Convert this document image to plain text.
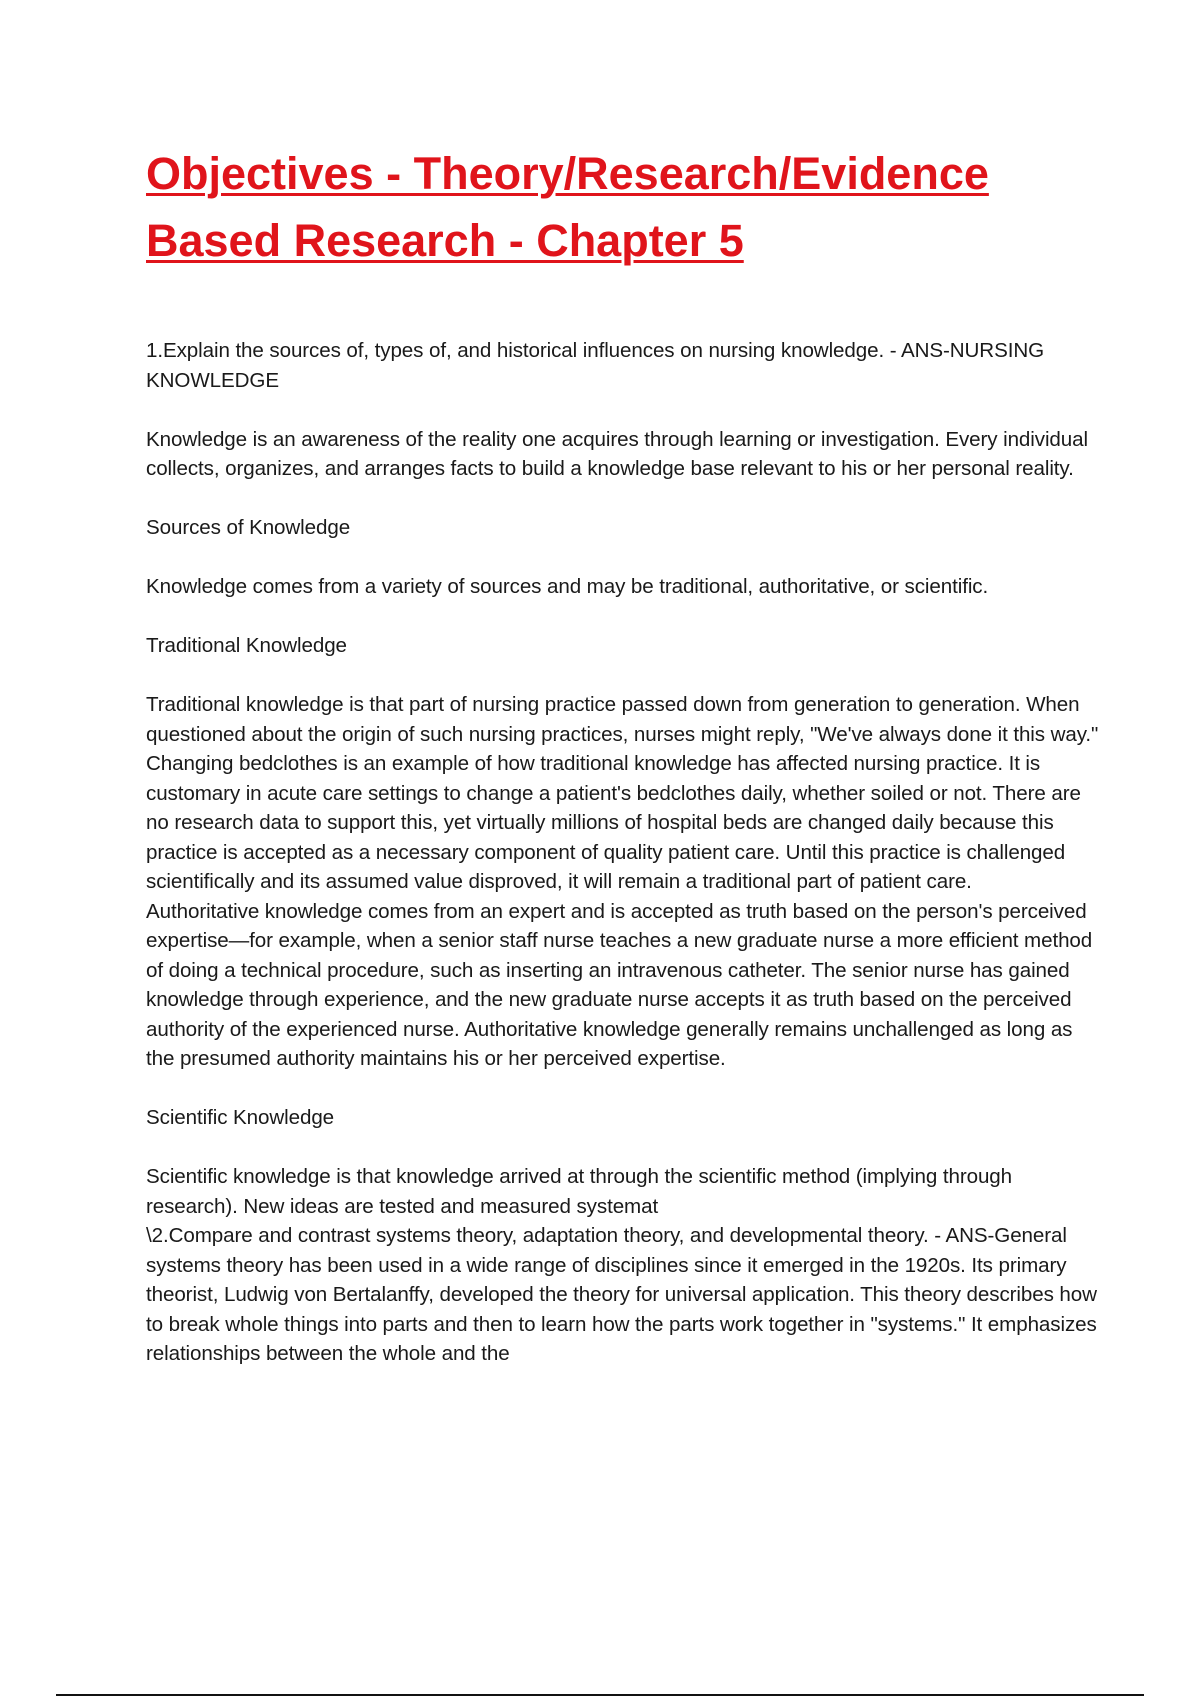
Objectives - Theory/Research/Evidence
Based Research - Chapter 5

1.Explain the sources of, types of, and historical influences on nursing knowledge. - ANS-NURSING KNOWLEDGE

Knowledge is an awareness of the reality one acquires through learning or investigation. Every individual collects, organizes, and arranges facts to build a knowledge base relevant to his or her personal reality.

Sources of Knowledge

Knowledge comes from a variety of sources and may be traditional, authoritative, or scientific.

Traditional Knowledge

Traditional knowledge is that part of nursing practice passed down from generation to generation. When questioned about the origin of such nursing practices, nurses might reply, "We've always done it this way." Changing bedclothes is an example of how traditional knowledge has affected nursing practice. It is customary in acute care settings to change a patient's bedclothes daily, whether soiled or not. There are no research data to support this, yet virtually millions of hospital beds are changed daily because this practice is accepted as a necessary component of quality patient care. Until this practice is challenged scientifically and its assumed value disproved, it will remain a traditional part of patient care.

Authoritative knowledge comes from an expert and is accepted as truth based on the person's perceived expertise—for example, when a senior staff nurse teaches a new graduate nurse a more efficient method of doing a technical procedure, such as inserting an intravenous catheter. The senior nurse has gained knowledge through experience, and the new graduate nurse accepts it as truth based on the perceived authority of the experienced nurse. Authoritative knowledge generally remains unchallenged as long as the presumed authority maintains his or her perceived expertise.

Scientific Knowledge

Scientific knowledge is that knowledge arrived at through the scientific method (implying through research). New ideas are tested and measured systemat

\2.Compare and contrast systems theory, adaptation theory, and developmental theory. - ANS-General systems theory has been used in a wide range of disciplines since it emerged in the 1920s. Its primary theorist, Ludwig von Bertalanffy, developed the theory for universal application. This theory describes how to break whole things into parts and then to learn how the parts work together in "systems." It emphasizes relationships between the whole and the
